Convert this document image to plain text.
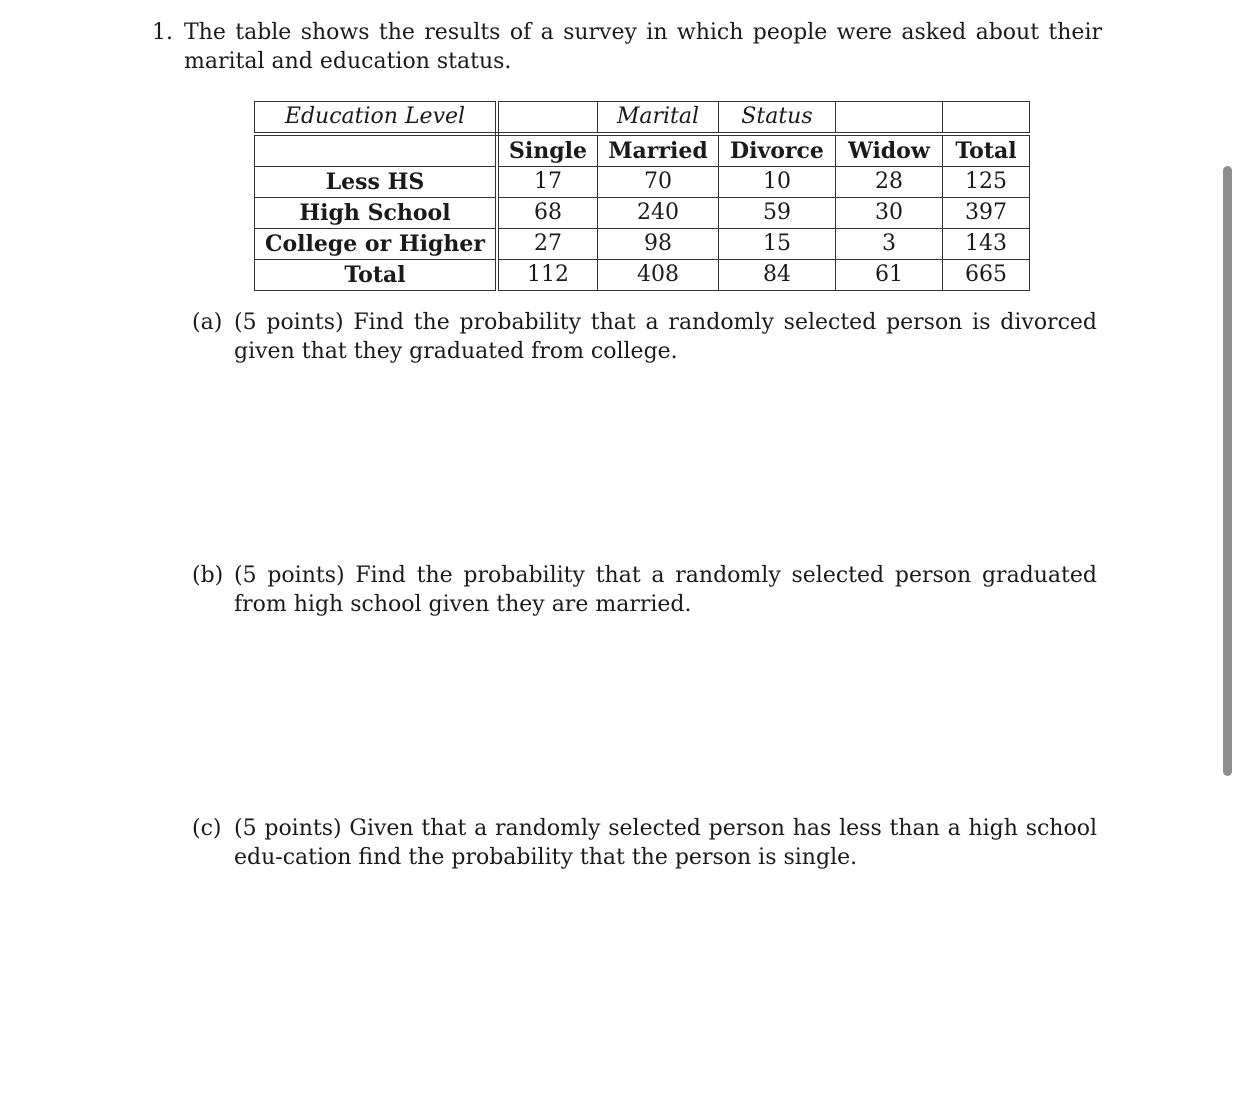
1. The table shows the results of a survey in which people were asked about their marital and education status.
Education Level		Marital	Status		
	Single	Married	Divorce	Widow	Total
Less HS	17	70	10	28	125
High School	68	240	59	30	397
College or Higher	27	98	15	3	143
Total	112	408	84	61	665
(a) (5 points) Find the probability that a randomly selected person is divorced given that they graduated from college.
(b) (5 points) Find the probability that a randomly selected person graduated from high school given they are married.
(c) (5 points) Given that a randomly selected person has less than a high school edu-cation find the probability that the person is single.
